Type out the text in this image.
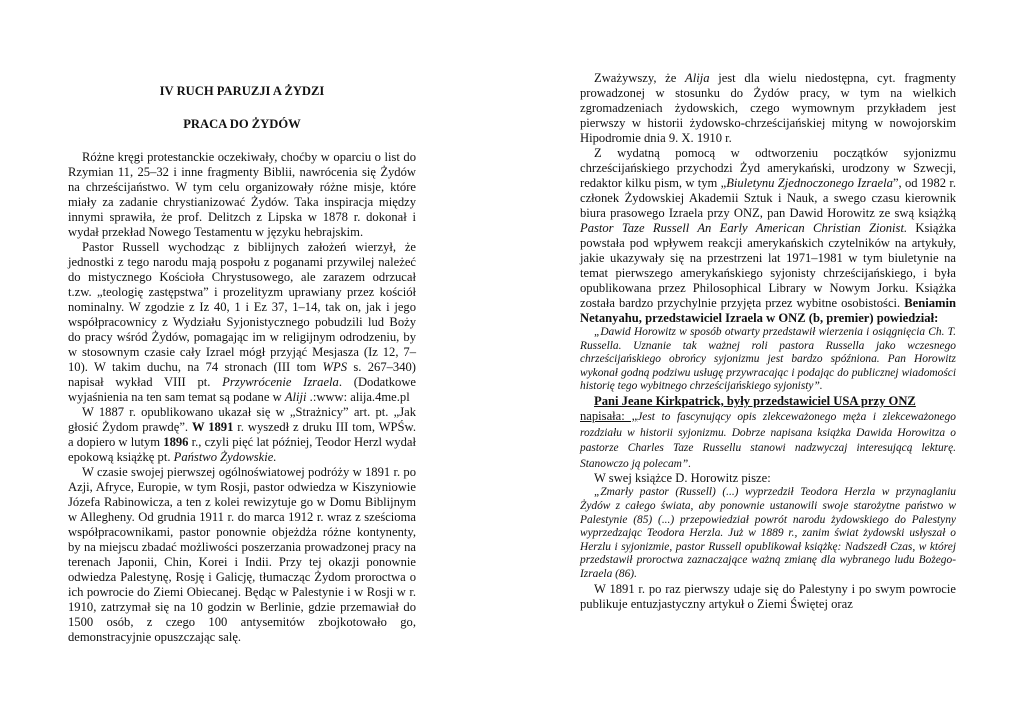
IV RUCH PARUZJI A ŻYDZI
PRACA DO ŻYDÓW

Różne kręgi protestanckie oczekiwały, choćby w oparciu o list do Rzymian 11, 25–32 i inne fragmenty Biblii, nawrócenia się Żydów na chrześcijaństwo. W tym celu organizowały różne misje, które miały za zadanie chrystianizować Żydów. Taka inspiracja między innymi sprawiła, że prof. Delitzch z Lipska w 1878 r. dokonał i wydał przekład Nowego Testamentu w języku hebrajskim.

Pastor Russell wychodząc z biblijnych założeń wierzył, że jednostki z tego narodu mają pospołu z poganami przywilej należeć do mistycznego Kościoła Chrystusowego, ale zarazem odrzucał t.zw. „teologię zastępstwa” i prozelityzm uprawiany przez kościół nominalny. W zgodzie z Iz 40, 1 i Ez 37, 1–14, tak on, jak i jego współpracownicy z Wydziału Syjonistycznego pobudzili lud Boży do pracy wśród Żydów, pomagając im w religijnym odrodzeniu, by w stosownym czasie cały Izrael mógł przyjąć Mesjasza (Iz 12, 7–10). W takim duchu, na 74 stronach (III tom WPS s. 267–340) napisał wykład VIII pt. Przywrócenie Izraela. (Dodatkowe wyjaśnienia na ten sam temat są podane w Aliji .:www: alija.4me.pl

W 1887 r. opublikowano ukazał się w „Strażnicy” art. pt. „Jak głosić Żydom prawdę”. W 1891 r. wyszedł z druku III tom, WPŚw. a dopiero w lutym 1896 r., czyli pięć lat później, Teodor Herzl wydał epokową książkę pt. Państwo Żydowskie.

W czasie swojej pierwszej ogólnoświatowej podróży w 1891 r. po Azji, Afryce, Europie, w tym Rosji, pastor odwiedza w Kiszyniowie Józefa Rabinowicza, a ten z kolei rewizytuje go w Domu Biblijnym w Allegheny. Od grudnia 1911 r. do marca 1912 r. wraz z sześcioma współpracownikami, pastor ponownie objeżdża różne kontynenty, by na miejscu zbadać możliwości poszerzania prowadzonej pracy na terenach Japonii, Chin, Korei i Indii. Przy tej okazji ponownie odwiedza Palestynę, Rosję i Galicję, tłumacząc Żydom proroctwa o ich powrocie do Ziemi Obiecanej. Będąc w Palestynie i w Rosji w r. 1910, zatrzymał się na 10 godzin w Berlinie, gdzie przemawiał do 1500 osób, z czego 100 antysemitów zbojkotowało go, demonstracyjnie opuszczając salę.

Zważywszy, że Alija jest dla wielu niedostępna, cyt. fragmenty prowadzonej w stosunku do Żydów pracy, w tym na wielkich zgromadzeniach żydowskich, czego wymownym przykładem jest pierwszy w historii żydowsko-chrześcijańskiej mityng w nowojorskim Hipodromie dnia 9. X. 1910 r.

Z wydatną pomocą w odtworzeniu początków syjonizmu chrześcijańskiego przychodzi Żyd amerykański, urodzony w Szwecji, redaktor kilku pism, w tym „Biuletynu Zjednoczonego Izraela”, od 1982 r. członek Żydowskiej Akademii Sztuk i Nauk, a swego czasu kierownik biura prasowego Izraela przy ONZ, pan Dawid Horowitz ze swą książką Pastor Taze Russell An Early American Christian Zionist. Książka powstała pod wpływem reakcji amerykańskich czytelników na artykuły, jakie ukazywały się na przestrzeni lat 1971–1981 w tym biuletynie na temat pierwszego amerykańskiego syjonisty chrześcijańskiego, i była opublikowana przez Philosophical Library w Nowym Jorku. Książka została bardzo przychylnie przyjęta przez wybitne osobistości. Beniamin Netanyahu, przedstawiciel Izraela w ONZ (b, premier) powiedział:

„Dawid Horowitz w sposób otwarty przedstawił wierzenia i osiągnięcia Ch. T. Russella. Uznanie tak ważnej roli pastora Russella jako wczesnego chrześcijańskiego obrońcy syjonizmu jest bardzo spóźniona. Pan Horowitz wykonał godną podziwu usługę przywracając i podając do publicznej wiadomości historię tego wybitnego chrześcijańskiego syjonisty”.

Pani Jeane Kirkpatrick, były przedstawiciel USA przy ONZ

napisała: „Jest to fascynujący opis zlekceważonego męża i zlekceważonego rozdziału w historii syjonizmu. Dobrze napisana książka Dawida Horowitza o pastorze Charles Taze Russellu stanowi nadzwyczaj interesującą lekturę. Stanowczo ją polecam”.

W swej książce D. Horowitz pisze:

„Zmarły pastor (Russell) (...) wyprzedził Teodora Herzla w przynaglaniu Żydów z całego świata, aby ponownie ustanowili swoje starożytne państwo w Palestynie (85) (...) przepowiedział powrót narodu żydowskiego do Palestyny wyprzedzając Teodora Herzla. Już w 1889 r., zanim świat żydowski usłyszał o Herzlu i syjonizmie, pastor Russell opublikował książkę: Nadszedł Czas, w której przedstawił proroctwa zaznaczające ważną zmianę dla wybranego ludu Bożego- Izraela (86).

W 1891 r. po raz pierwszy udaje się do Palestyny i po swym powrocie publikuje entuzjastyczny artykuł o Ziemi Świętej oraz
